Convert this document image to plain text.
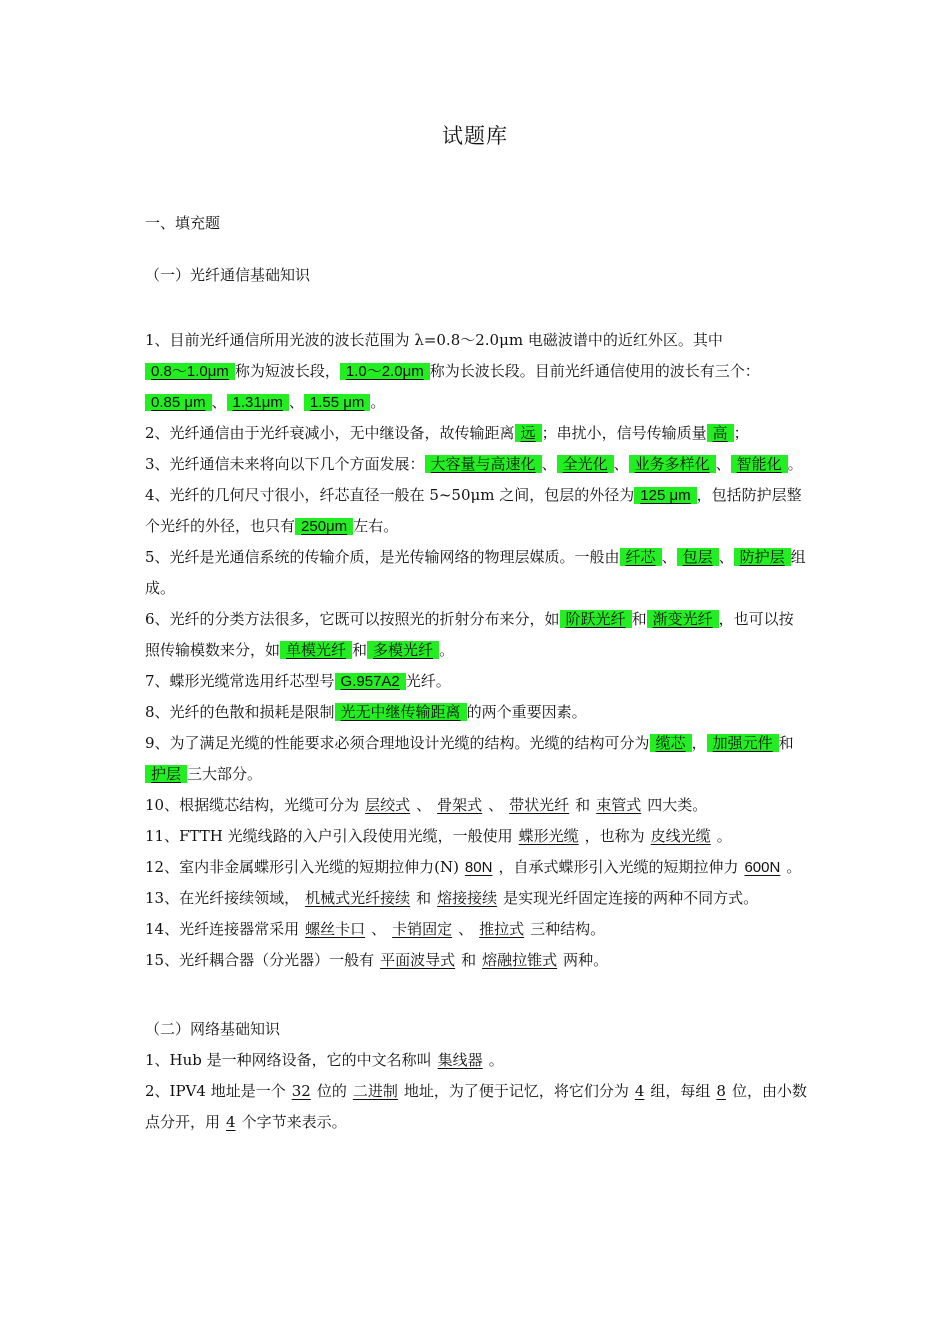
试题库
一、填充题
（一）光纤通信基础知识

1、目前光纤通信所用光波的波长范围为 λ=0.8～2.0μm 电磁波谱中的近红外区。其中0.8～1.0μm 称为短波长段， 1.0～2.0μm 称为长波长段。目前光纤通信使用的波长有三个：0.85 μm 、 1.31μm 、 1.55 μm 。

2、光纤通信由于光纤衰减小，无中继设备，故传输距离 远 ；串扰小，信号传输质量 高 ；

3、光纤通信未来将向以下几个方面发展： 大容量与高速化 、 全光化 、 业务多样化 、 智能化 。

4、光纤的几何尺寸很小，纤芯直径一般在 5~50μm 之间，包层的外径为 125 μm ，包括防护层整个光纤的外径，也只有 250μm 左右。

5、光纤是光通信系统的传输介质，是光传输网络的物理层媒质。一般由 纤芯 、 包层 、 防护层 组成。

6、光纤的分类方法很多，它既可以按照光的折射分布来分，如 阶跃光纤 和 渐变光纤 ，也可以按照传输模数来分，如 单模光纤 和 多模光纤 。

7、蝶形光缆常选用纤芯型号 G.957A2 光纤。

8、光纤的色散和损耗是限制 光无中继传输距离 的两个重要因素。

9、为了满足光缆的性能要求必须合理地设计光缆的结构。光缆的结构可分为 缆芯 ， 加强元件 和护层 三大部分。

10、根据缆芯结构，光缆可分为 层绞式 、 骨架式 、 带状光纤 和 束管式 四大类。

11、FTTH 光缆线路的入户引入段使用光缆，一般使用 蝶形光缆 ，也称为 皮线光缆 。

12、室内非金属蝶形引入光缆的短期拉伸力(N) 80N ，自承式蝶形引入光缆的短期拉伸力 600N 。

13、在光纤接续领域， 机械式光纤接续 和 熔接接续 是实现光纤固定连接的两种不同方式。

14、光纤连接器常采用 螺丝卡口 、 卡销固定 、 推拉式 三种结构。

15、光纤耦合器（分光器）一般有 平面波导式 和 熔融拉锥式 两种。

（二）网络基础知识

1、Hub 是一种网络设备，它的中文名称叫 集线器 。

2、IPV4 地址是一个 32 位的 二进制 地址，为了便于记忆，将它们分为 4 组，每组 8 位，由小数点分开，用 4 个字节来表示。
